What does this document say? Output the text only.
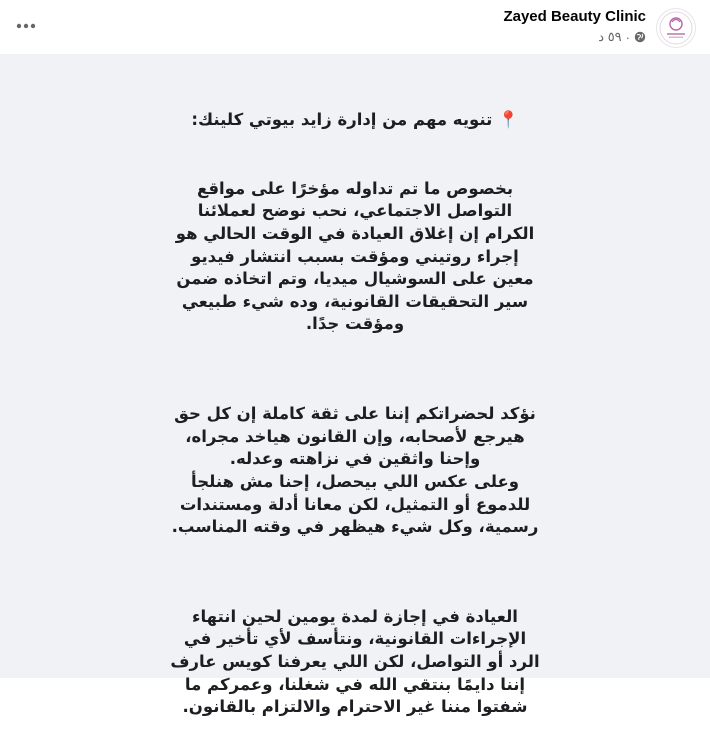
Zayed Beauty Clinic
٥٩ د ·

📍 تنويه مهم من إدارة زايد بيوتي كلينك:

بخصوص ما تم تداوله مؤخرًا على مواقع
التواصل الاجتماعي، نحب نوضح لعملائنا
الكرام إن إغلاق العيادة في الوقت الحالي هو
إجراء روتيني ومؤقت بسبب انتشار فيديو
معين على السوشيال ميديا، وتم اتخاذه ضمن
سير التحقيقات القانونية، وده شيء طبيعي
ومؤقت جدًا.

نؤكد لحضراتكم إننا على ثقة كاملة إن كل حق
هيرجع لأصحابه، وإن القانون هياخد مجراه،
وإحنا واثقين في نزاهته وعدله.
وعلى عكس اللي بيحصل، إحنا مش هنلجأ
للدموع أو التمثيل، لكن معانا أدلة ومستندات
رسمية، وكل شيء هيظهر في وقته المناسب.

العيادة في إجازة لمدة يومين لحين انتهاء
الإجراءات القانونية، ونتأسف لأي تأخير في
الرد أو التواصل، لكن اللي يعرفنا كويس عارف
إننا دايمًا بنتقي الله في شغلنا، وعمركم ما
شفتوا مننا غير الاحترام والالتزام بالقانون.
